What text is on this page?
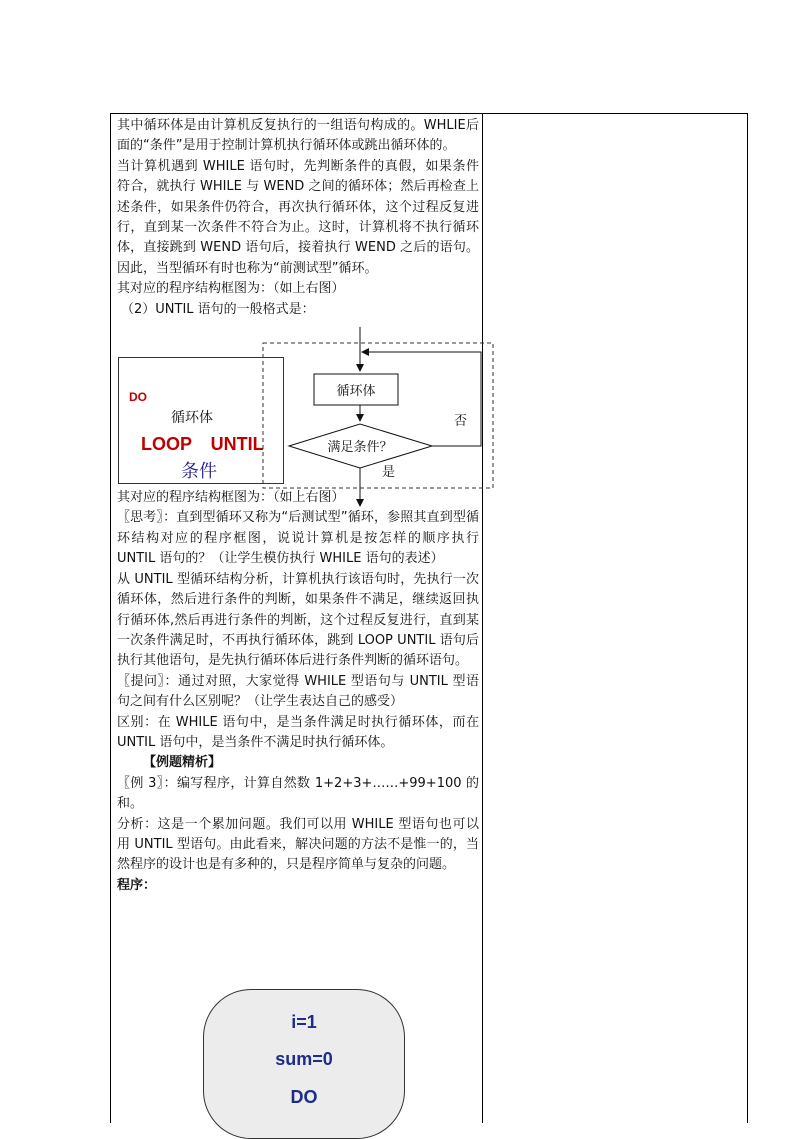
其中循环体是由计算机反复执行的一组语句构成的。WHLIE后面的“条件”是用于控制计算机执行循环体或跳出循环体的。

当计算机遇到 WHILE 语句时，先判断条件的真假，如果条件符合，就执行 WHILE 与 WEND 之间的循环体；然后再检查上述条件，如果条件仍符合，再次执行循环体，这个过程反复进行，直到某一次条件不符合为止。这时，计算机将不执行循环体，直接跳到 WEND 语句后，接着执行 WEND 之后的语句。因此，当型循环有时也称为“前测试型”循环。

其对应的程序结构框图为：（如上右图）

（2）UNTIL 语句的一般格式是：

其对应的程序结构框图为：（如上右图）

〖思考〗：直到型循环又称为“后测试型”循环，参照其直到型循环结构对应的程序框图，说说计算机是按怎样的顺序执行 UNTIL 语句的？（让学生模仿执行 WHILE 语句的表述）

从 UNTIL 型循环结构分析，计算机执行该语句时，先执行一次循环体，然后进行条件的判断，如果条件不满足，继续返回执行循环体,然后再进行条件的判断，这个过程反复进行，直到某一次条件满足时，不再执行循环体，跳到 LOOP UNTIL 语句后执行其他语句，是先执行循环体后进行条件判断的循环语句。

〖提问〗：通过对照，大家觉得 WHILE 型语句与 UNTIL 型语句之间有什么区别呢？（让学生表达自己的感受）

区别：在 WHILE 语句中，是当条件满足时执行循环体，而在 UNTIL 语句中，是当条件不满足时执行循环体。

【例题精析】

〖例 3〗：编写程序，计算自然数 1+2+3+……+99+100 的和。

分析：这是一个累加问题。我们可以用 WHILE 型语句也可以用 UNTIL 型语句。由此看来，解决问题的方法不是惟一的，当然程序的设计也是有多种的，只是程序简单与复杂的问题。

程序：

DO
循环体
LOOP UNTIL
条件
循环体
满足条件？
否
是
i=1
sum=0
DO
